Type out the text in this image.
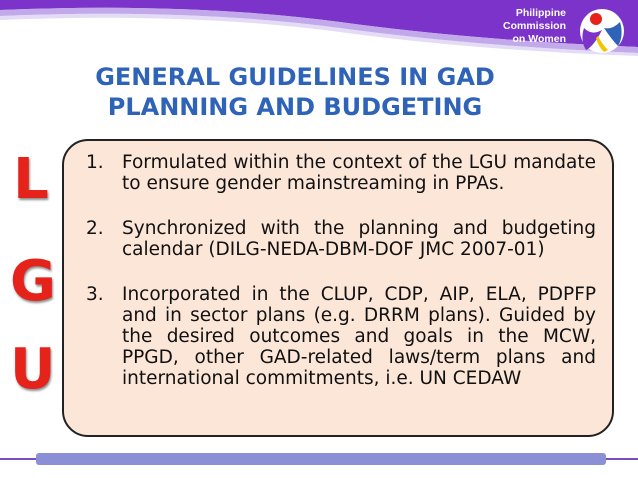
Philippine
Commission
on Women
GENERAL GUIDELINES IN GAD
PLANNING AND BUDGETING
L
G
U
1. Formulated within the context of the LGU mandate to ensure gender mainstreaming in PPAs.
2. Synchronized with the planning and budgeting calendar (DILG-NEDA-DBM-DOF JMC 2007-01)
3. Incorporated in the CLUP, CDP, AIP, ELA, PDPFP and in sector plans (e.g. DRRM plans). Guided by the desired outcomes and goals in the MCW, PPGD, other GAD-related laws/term plans and international commitments, i.e. UN CEDAW
